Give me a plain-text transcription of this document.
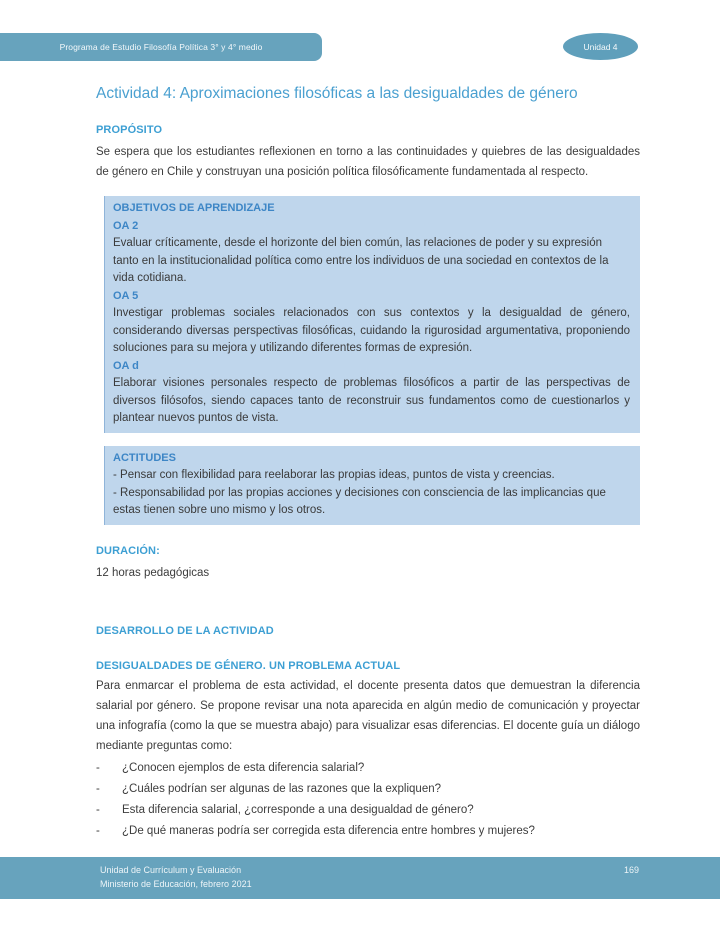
Programa de Estudio Filosofía Política 3° y 4° medio	Unidad 4
Actividad 4: Aproximaciones filosóficas a las desigualdades de género
PROPÓSITO

Se espera que los estudiantes reflexionen en torno a las continuidades y quiebres de las desigualdades de género en Chile y construyan una posición política filosóficamente fundamentada al respecto.

OBJETIVOS DE APRENDIZAJE
OA 2

Evaluar críticamente, desde el horizonte del bien común, las relaciones de poder y su expresión tanto en la institucionalidad política como entre los individuos de una sociedad en contextos de la vida cotidiana.

OA 5

Investigar problemas sociales relacionados con sus contextos y la desigualdad de género, considerando diversas perspectivas filosóficas, cuidando la rigurosidad argumentativa, proponiendo soluciones para su mejora y utilizando diferentes formas de expresión.

OA d

Elaborar visiones personales respecto de problemas filosóficos a partir de las perspectivas de diversos filósofos, siendo capaces tanto de reconstruir sus fundamentos como de cuestionarlos y plantear nuevos puntos de vista.

ACTITUDES

- Pensar con flexibilidad para reelaborar las propias ideas, puntos de vista y creencias.

- Responsabilidad por las propias acciones y decisiones con consciencia de las implicancias que estas tienen sobre uno mismo y los otros.

DURACIÓN:

12 horas pedagógicas

DESARROLLO DE LA ACTIVIDAD
DESIGUALDADES DE GÉNERO. UN PROBLEMA ACTUAL

Para enmarcar el problema de esta actividad, el docente presenta datos que demuestran la diferencia salarial por género. Se propone revisar una nota aparecida en algún medio de comunicación y proyectar una infografía (como la que se muestra abajo) para visualizar esas diferencias. El docente guía un diálogo mediante preguntas como:

-	¿Conocen ejemplos de esta diferencia salarial?
-	¿Cuáles podrían ser algunas de las razones que la expliquen?
-	Esta diferencia salarial, ¿corresponde a una desigualdad de género?
-	¿De qué maneras podría ser corregida esta diferencia entre hombres y mujeres?
Unidad de Currículum y Evaluación
Ministerio de Educación, febrero 2021
169
